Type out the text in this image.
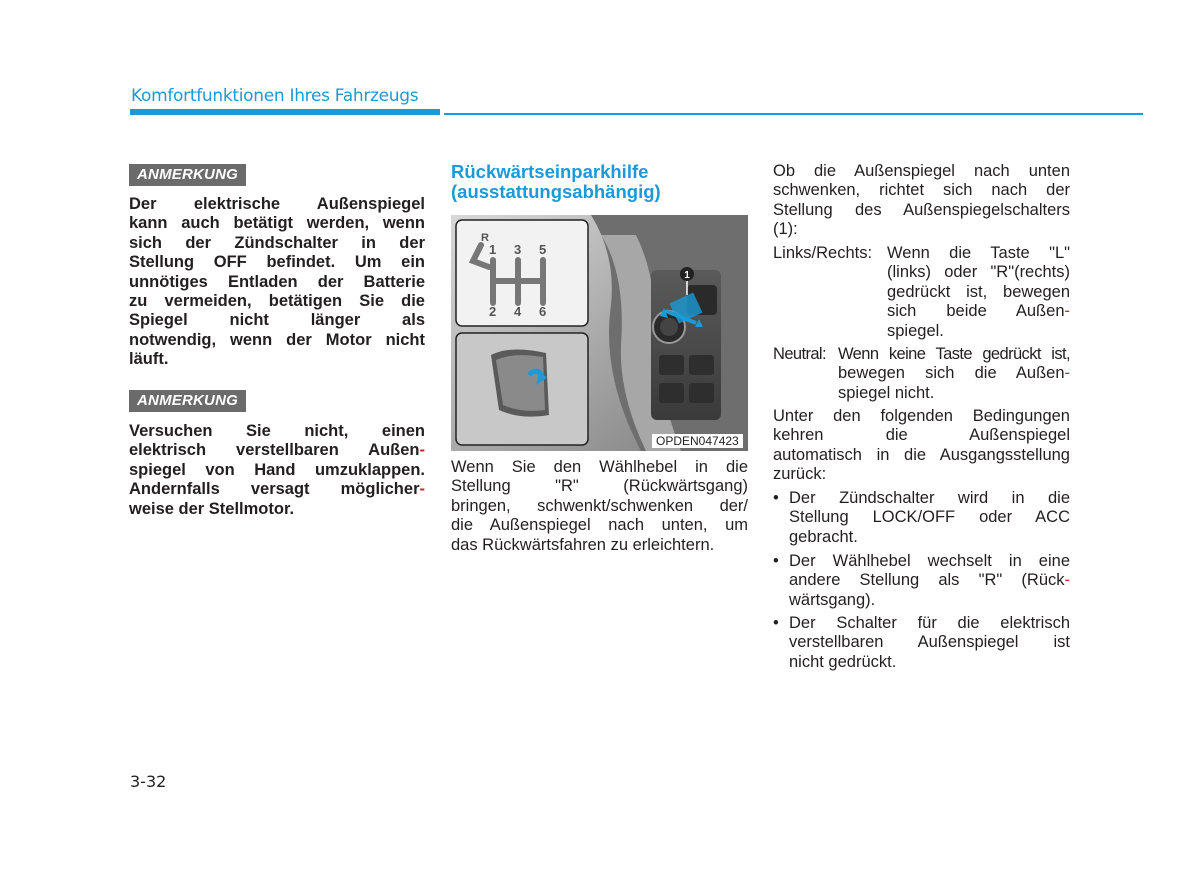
Komfortfunktionen Ihres Fahrzeugs
ANMERKUNG
Der elektrische Außenspiegel
kann auch betätigt werden, wenn
sich der Zündschalter in der
Stellung OFF befindet. Um ein
unnötiges Entladen der Batterie
zu vermeiden, betätigen Sie die
Spiegel nicht länger als
notwendig, wenn der Motor nicht
läuft.
ANMERKUNG
Versuchen Sie nicht, einen
elektrisch verstellbaren Außen-
spiegel von Hand umzuklappen.
Andernfalls versagt möglicher-
weise der Stellmotor.
Rückwärtseinparkhilfe
(ausstattungsabhängig)
1
1 3 5
2 4 6
R
OPDEN047423
Wenn Sie den Wählhebel in die
Stellung "R" (Rückwärtsgang)
bringen, schwenkt/schwenken der/
die Außenspiegel nach unten, um
das Rückwärtsfahren zu erleichtern.
Ob die Außenspiegel nach unten
schwenken, richtet sich nach der
Stellung des Außenspiegelschalters
(1):
Links/Rechts: Wenn die Taste "L"
(links) oder "R"(rechts)
gedrückt ist, bewegen
sich beide Außen-
spiegel.
Neutral: Wenn keine Taste gedrückt ist,
bewegen sich die Außen-
spiegel nicht.
Unter den folgenden Bedingungen
kehren die Außenspiegel
automatisch in die Ausgangsstellung
zurück:
• Der Zündschalter wird in die
Stellung LOCK/OFF oder ACC
gebracht.
• Der Wählhebel wechselt in eine
andere Stellung als "R" (Rück-
wärtsgang).
• Der Schalter für die elektrisch
verstellbaren Außenspiegel ist
nicht gedrückt.
3-32
